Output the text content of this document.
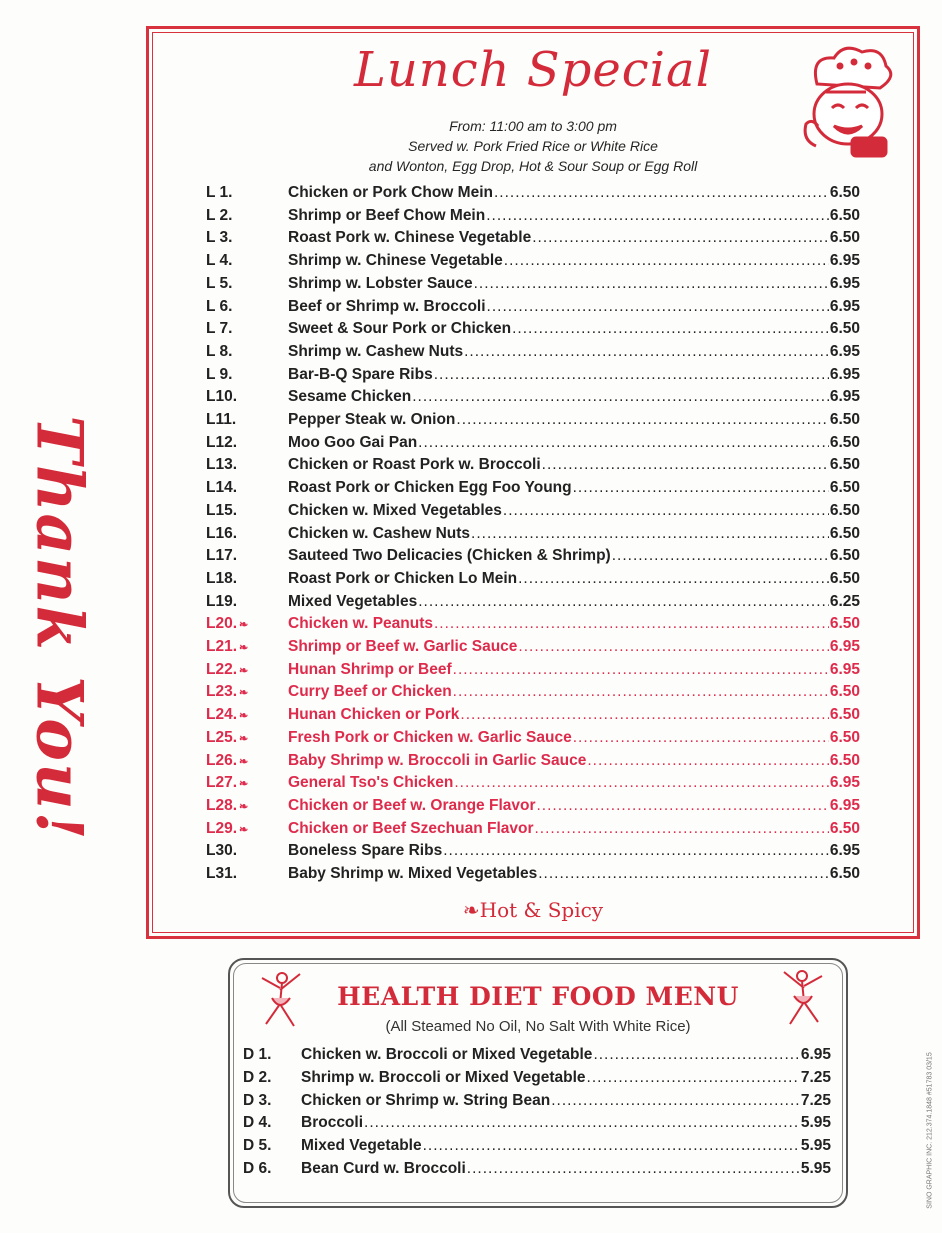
Thank You!
Lunch Special
From: 11:00 am to 3:00 pm
Served w. Pork Fried Rice or White Rice
and Wonton, Egg Drop, Hot & Sour Soup or Egg Roll
L 1.	Chicken or Pork Chow Mein .....	6.50
L 2.	Shrimp or Beef Chow Mein .....	6.50
L 3.	Roast Pork w. Chinese Vegetable .....	6.50
L 4.	Shrimp w. Chinese Vegetable .....	6.95
L 5.	Shrimp w. Lobster Sauce .....	6.95
L 6.	Beef or Shrimp w. Broccoli .....	6.95
L 7.	Sweet & Sour Pork or Chicken .....	6.50
L 8.	Shrimp w. Cashew Nuts .....	6.95
L 9.	Bar-B-Q Spare Ribs .....	6.95
L10.	Sesame Chicken .....	6.95
L11.	Pepper Steak w. Onion .....	6.50
L12.	Moo Goo Gai Pan .....	6.50
L13.	Chicken or Roast Pork w. Broccoli .....	6.50
L14.	Roast Pork or Chicken Egg Foo Young .....	6.50
L15.	Chicken w. Mixed Vegetables .....	6.50
L16.	Chicken w. Cashew Nuts .....	6.50
L17.	Sauteed Two Delicacies (Chicken & Shrimp) .....	6.50
L18.	Roast Pork or Chicken Lo Mein .....	6.50
L19.	Mixed Vegetables .....	6.25
L20. ❧	Chicken w. Peanuts .....	6.50
L21. ❧	Shrimp or Beef w. Garlic Sauce .....	6.95
L22. ❧	Hunan Shrimp or Beef .....	6.95
L23. ❧	Curry Beef or Chicken .....	6.50
L24. ❧	Hunan Chicken or Pork .....	6.50
L25. ❧	Fresh Pork or Chicken w. Garlic Sauce .....	6.50
L26. ❧	Baby Shrimp w. Broccoli in Garlic Sauce .....	6.50
L27. ❧	General Tso's Chicken .....	6.95
L28. ❧	Chicken or Beef w. Orange Flavor .....	6.95
L29. ❧	Chicken or Beef Szechuan Flavor .....	6.50
L30.	Boneless Spare Ribs .....	6.95
L31.	Baby Shrimp w. Mixed Vegetables .....	6.50
❧Hot & Spicy
HEALTH DIET FOOD MENU
(All Steamed No Oil, No Salt With White Rice)
D 1.	Chicken w. Broccoli or Mixed Vegetable .....	6.95
D 2.	Shrimp w. Broccoli or Mixed Vegetable .....	7.25
D 3.	Chicken or Shrimp w. String Bean .....	7.25
D 4.	Broccoli .....	5.95
D 5.	Mixed Vegetable .....	5.95
D 6.	Bean Curd w. Broccoli .....	5.95	SINO GRAPHIC INC. 212.374.1848 #51783 03/15
